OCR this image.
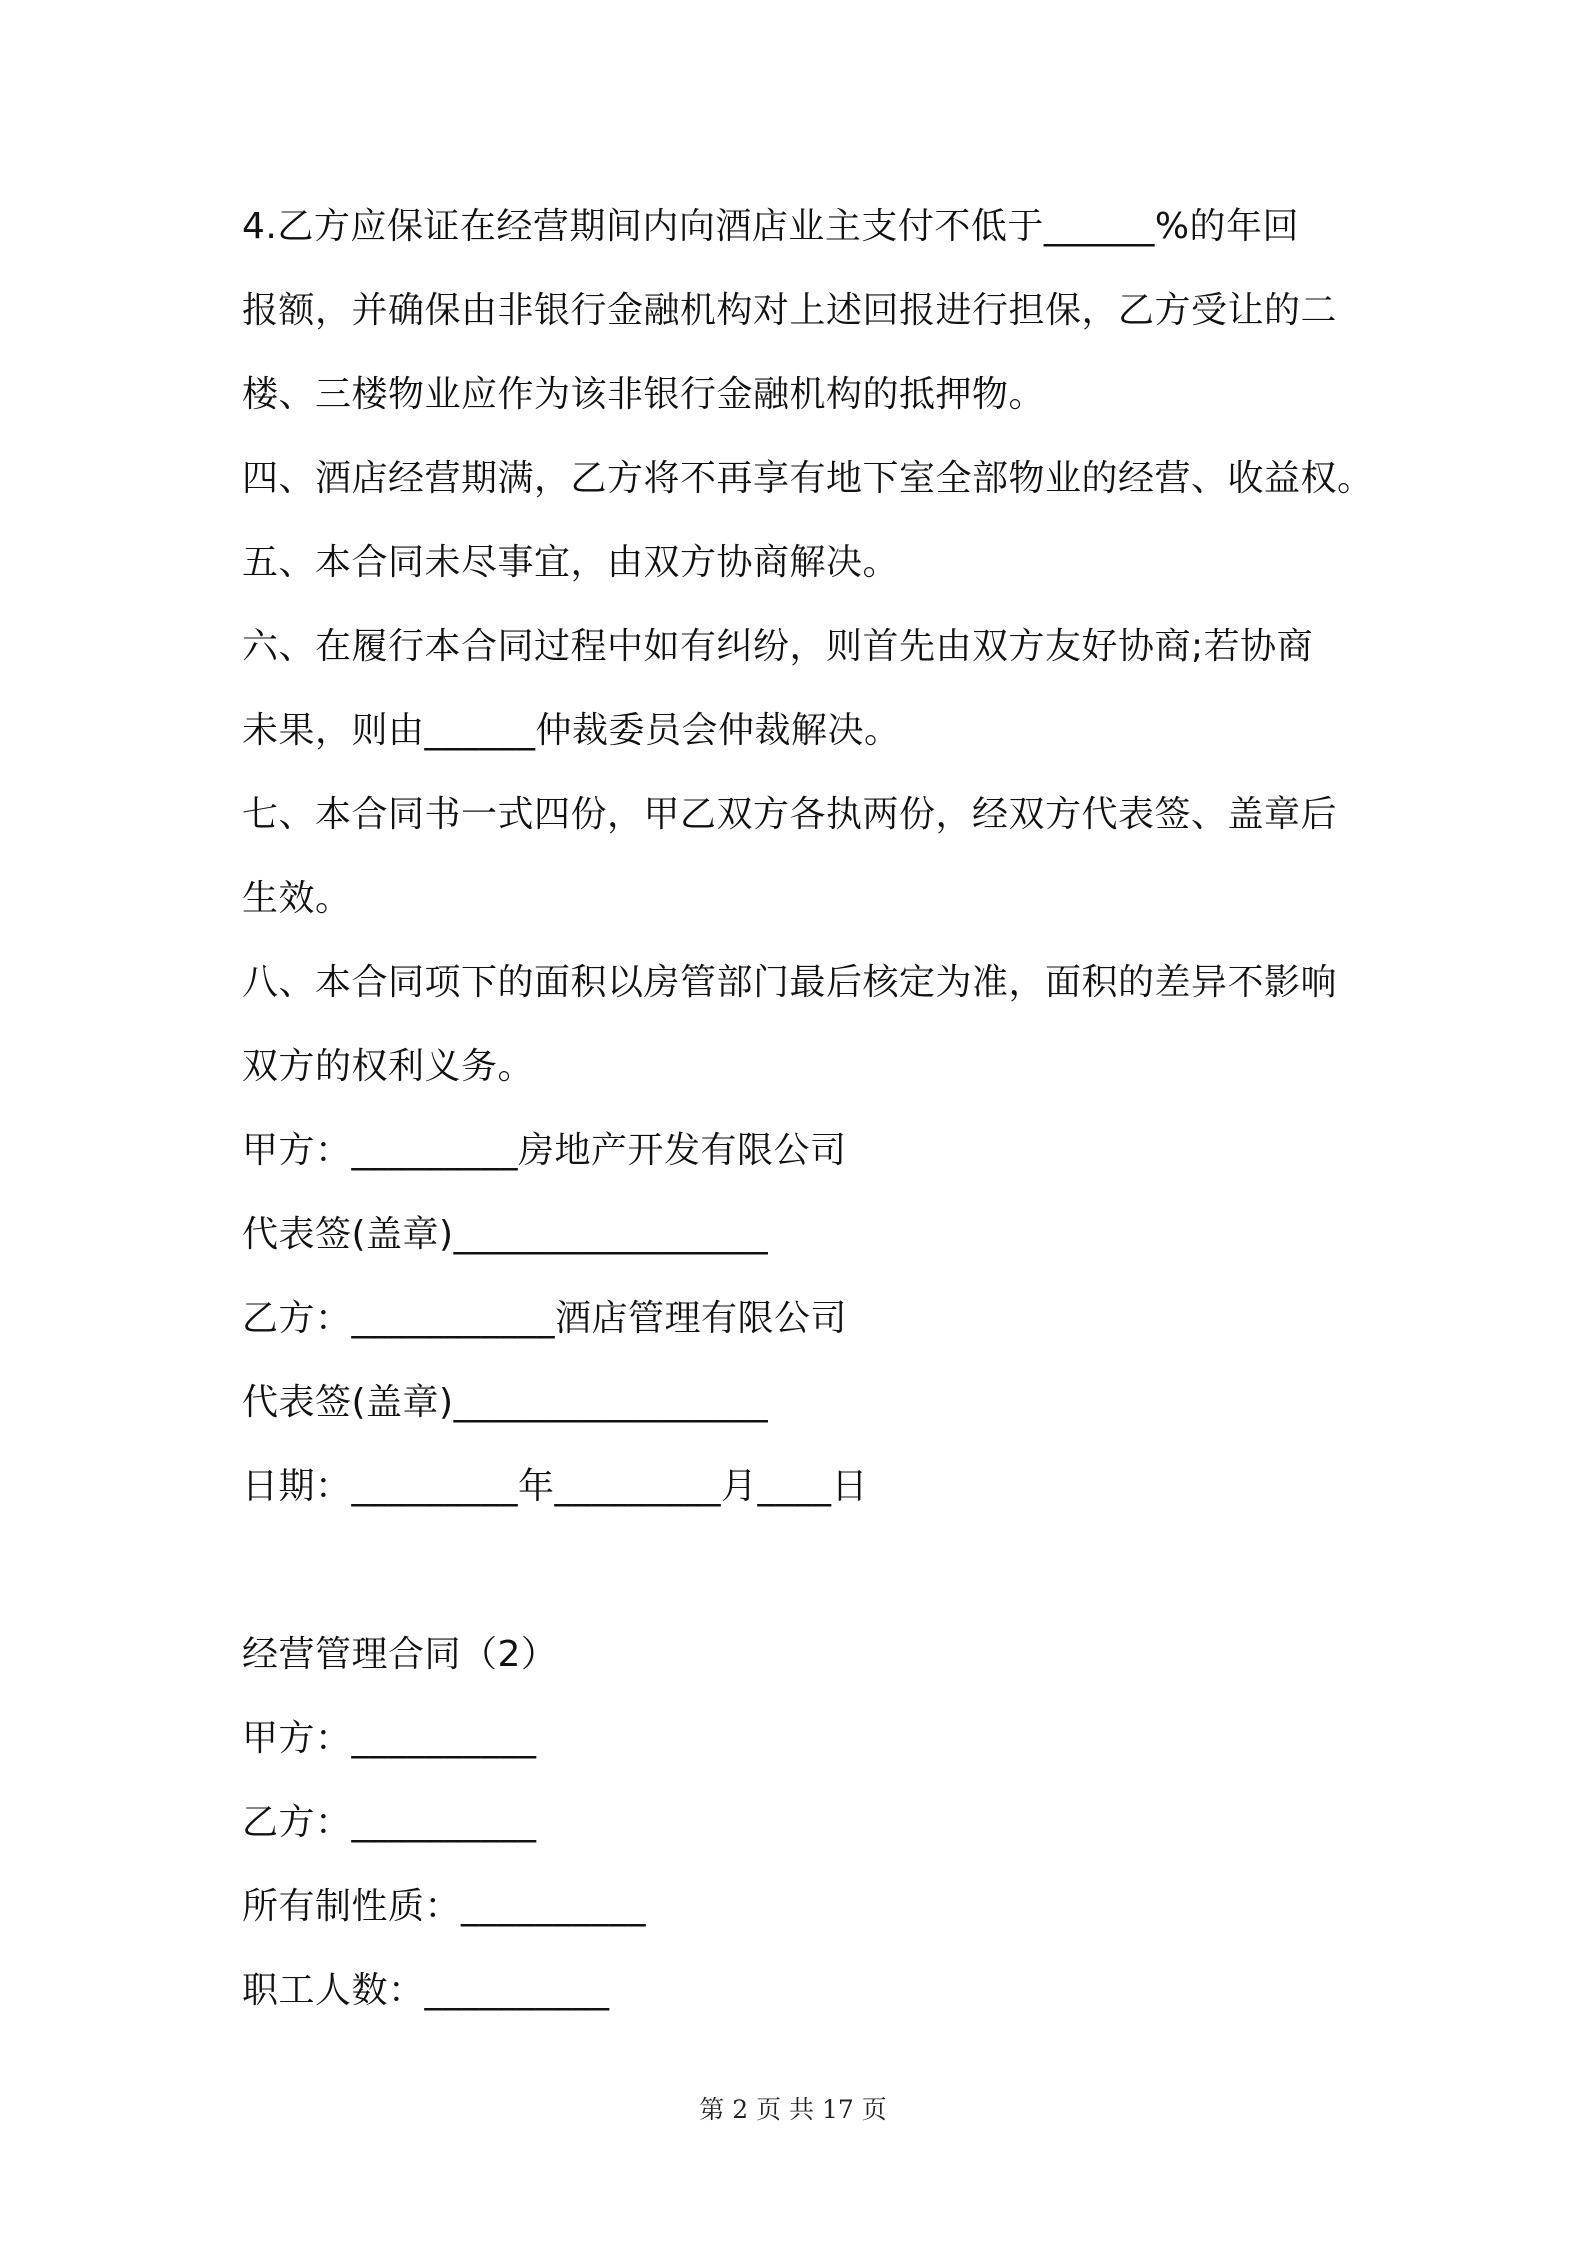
4.乙方应保证在经营期间内向酒店业主支付不低于______%的年回
报额，并确保由非银行金融机构对上述回报进行担保，乙方受让的二
楼、三楼物业应作为该非银行金融机构的抵押物。
四、酒店经营期满，乙方将不再享有地下室全部物业的经营、收益权。
五、本合同未尽事宜，由双方协商解决。
六、在履行本合同过程中如有纠纷，则首先由双方友好协商;若协商
未果，则由______仲裁委员会仲裁解决。
七、本合同书一式四份，甲乙双方各执两份，经双方代表签、盖章后
生效。
八、本合同项下的面积以房管部门最后核定为准，面积的差异不影响
双方的权利义务。
甲方：_________房地产开发有限公司
代表签(盖章)_________________
乙方：___________酒店管理有限公司
代表签(盖章)_________________
日期：_________年_________月____日
经营管理合同（2）
甲方：__________
乙方：__________
所有制性质：__________
职工人数：__________
第 2 页 共 17 页
